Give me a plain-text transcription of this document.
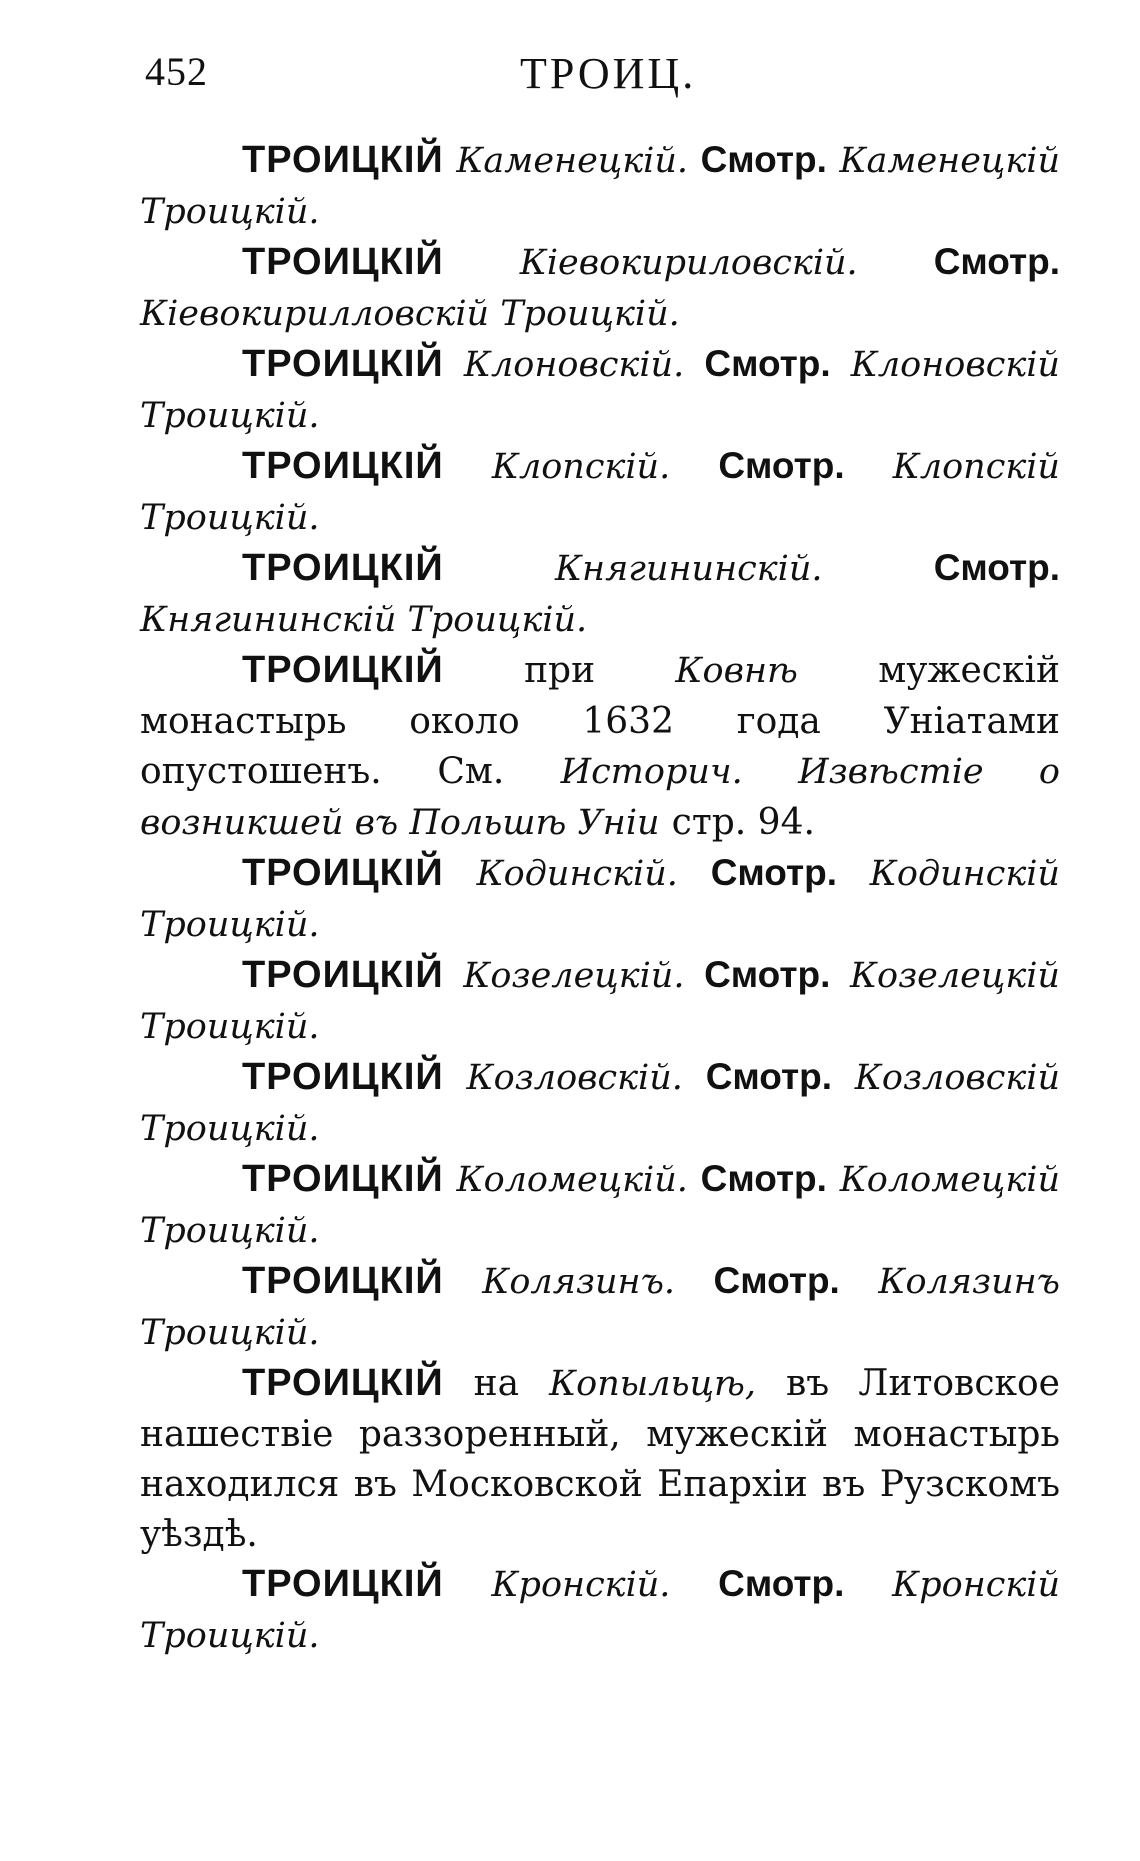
452	ТРОИЦ.

ТРОИЦКІЙ Каменецкій. Смотр. Каменецкій Троицкій.

ТРОИЦКІЙ Кіевокириловскій. Смотр. Кіевокирилловскій Троицкій.

ТРОИЦКІЙ Клоновскій. Смотр. Клоновскій Троицкій.

ТРОИЦКІЙ Клопскій. Смотр. Клопскій Троицкій.

ТРОИЦКІЙ	Княгининскій.	Смотр. Княгининскій Троицкій.

ТРОИЦКІЙ при Ковнѣ мужескій монастырь около 1632 года Уніатами опустошенъ. См. Историч. Извѣстіе о возникшей въ Польшѣ Уніи стр. 94.

ТРОИЦКІЙ Кодинскій. Смотр. Кодинскій Троицкій.

ТРОИЦКІЙ Козелецкій. Смотр. Козелецкій Троицкій.

ТРОИЦКІЙ Козловскій. Смотр. Козловскій Троицкій.

ТРОИЦКІЙ Коломецкій. Смотр. Коломецкій Троицкій.

ТРОИЦКІЙ Колязинъ. Смотр. Колязинъ Троицкій.

ТРОИЦКІЙ на Копыльцѣ, въ Литовское нашествіе раззоренный, мужескій монастырь находился въ Московской Епархіи въ Рузскомъ уѣздѣ.

ТРОИЦКІЙ Кронскій. Смотр. Кронскій Троицкій.
